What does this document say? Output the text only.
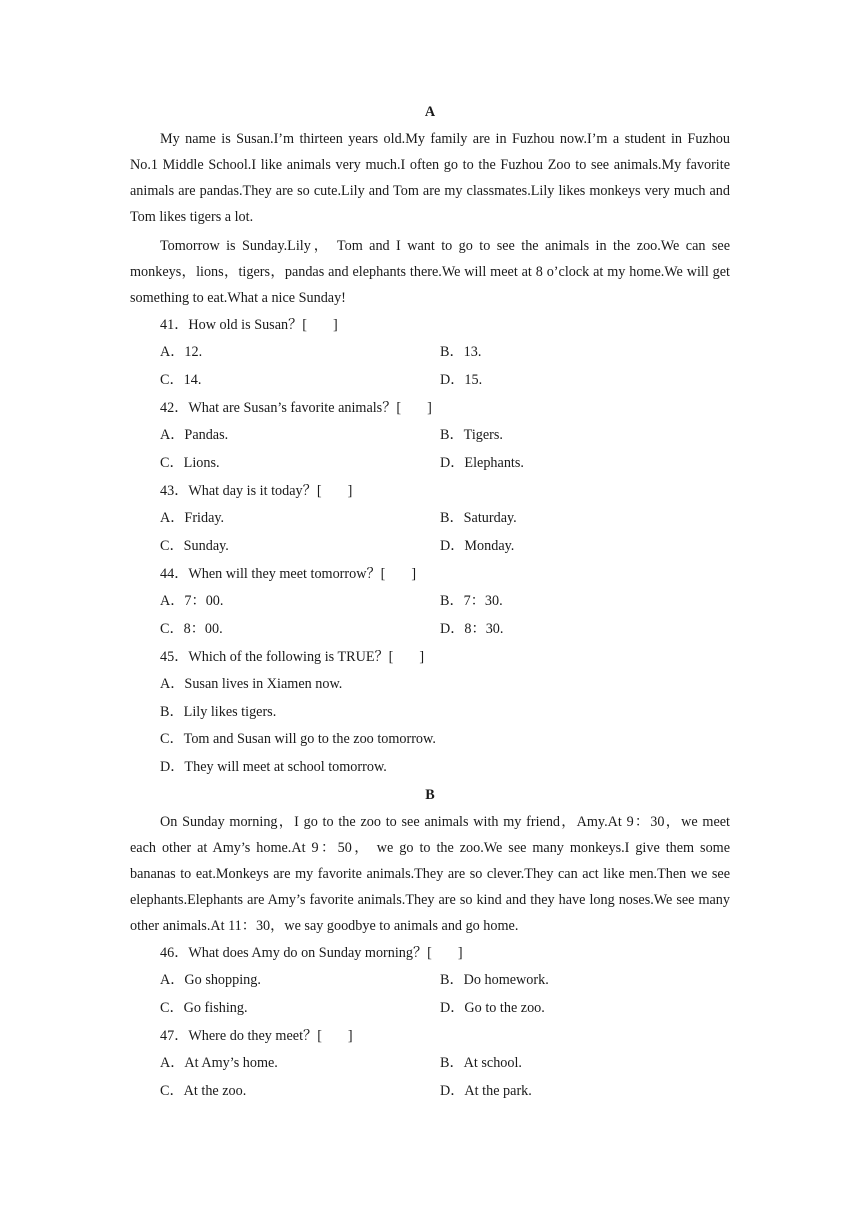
A

My name is Susan.I’m thirteen years old.My family are in Fuzhou now.I’m a student in Fuzhou No.1 Middle School.I like animals very much.I often go to the Fuzhou Zoo to see animals.My favorite animals are pandas.They are so cute.Lily and Tom are my classmates.Lily likes monkeys very much and Tom likes tigers a lot.

Tomorrow is Sunday.Lily， Tom and I want to go to see the animals in the zoo.We can see monkeys，lions，tigers，pandas and elephants there.We will meet at 8 o’clock at my home.We will get something to eat.What a nice Sunday!

41．How old is Susan？[ ]
A．12.	B．13.
C．14.	D．15.
42．What are Susan’s favorite animals？[ ]
A．Pandas.	B．Tigers.
C．Lions.	D．Elephants.
43．What day is it today？[ ]
A．Friday.	B．Saturday.
C．Sunday.	D．Monday.
44．When will they meet tomorrow？[ ]
A．7：00.	B．7：30.
C．8：00.	D．8：30.
45．Which of the following is TRUE？[ ]
A．Susan lives in Xiamen now.
B．Lily likes tigers.
C．Tom and Susan will go to the zoo tomorrow.
D．They will meet at school tomorrow.
B

On Sunday morning，I go to the zoo to see animals with my friend，Amy.At 9：30，we meet each other at Amy’s home.At 9：50， we go to the zoo.We see many monkeys.I give them some bananas to eat.Monkeys are my favorite animals.They are so clever.They can act like men.Then we see elephants.Elephants are Amy’s favorite animals.They are so kind and they have long noses.We see many other animals.At 11：30，we say goodbye to animals and go home.

46．What does Amy do on Sunday morning？[ ]
A．Go shopping.	B．Do homework.
C．Go fishing.	D．Go to the zoo.
47．Where do they meet？[ ]
A．At Amy’s home.	B．At school.
C．At the zoo.	D．At the park.
